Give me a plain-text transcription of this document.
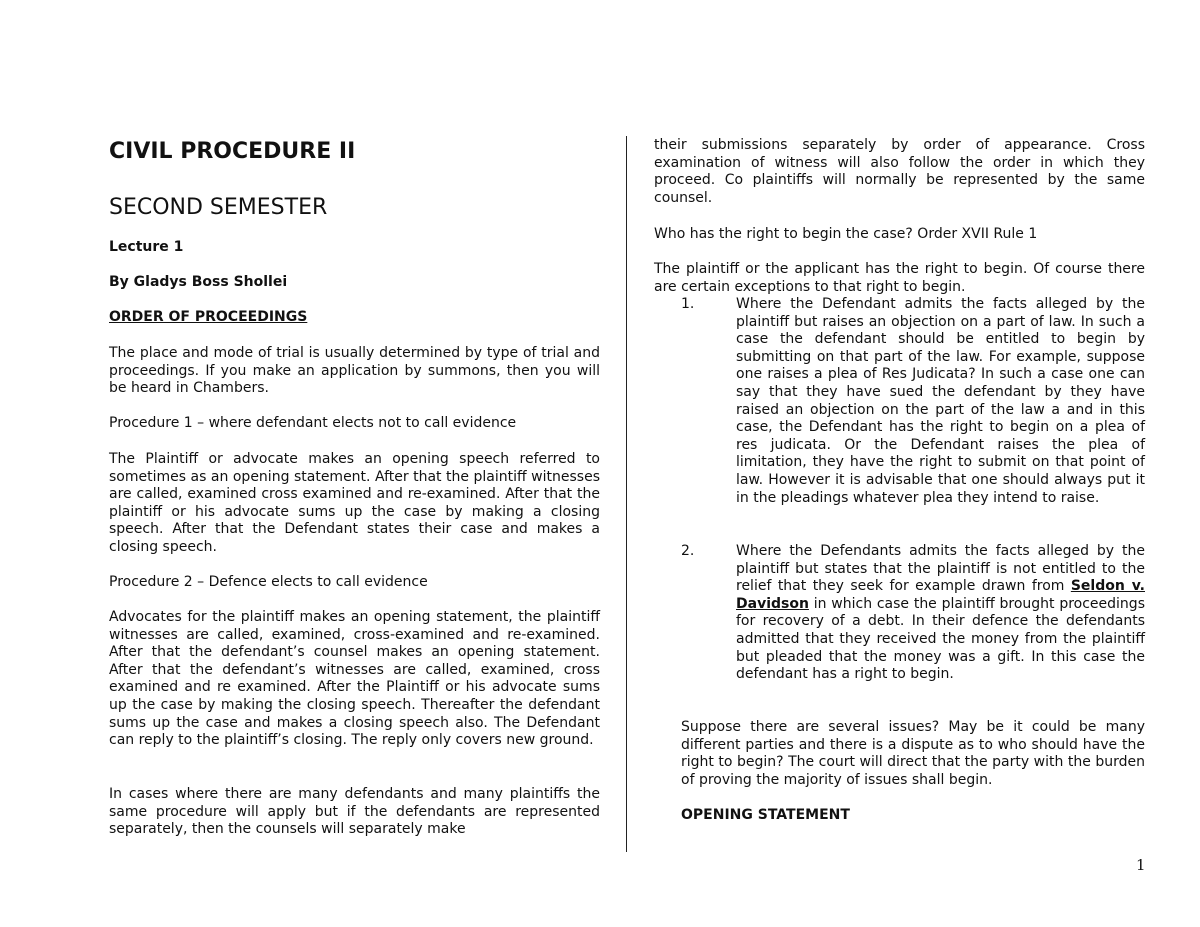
CIVIL PROCEDURE II
SECOND SEMESTER
Lecture 1
By Gladys Boss Shollei
ORDER OF PROCEEDINGS

The place and mode of trial is usually determined by type of trial and proceedings. If you make an application by summons, then you will be heard in Chambers.

Procedure 1 – where defendant elects not to call evidence

The Plaintiff or advocate makes an opening speech referred to sometimes as an opening statement. After that the plaintiff witnesses are called, examined cross examined and re-examined. After that the plaintiff or his advocate sums up the case by making a closing speech. After that the Defendant states their case and makes a closing speech.

Procedure 2 – Defence elects to call evidence

Advocates for the plaintiff makes an opening statement, the plaintiff witnesses are called, examined, cross-examined and re-examined. After that the defendant’s counsel makes an opening statement. After that the defendant’s witnesses are called, examined, cross examined and re examined. After the Plaintiff or his advocate sums up the case by making the closing speech. Thereafter the defendant sums up the case and makes a closing speech also. The Defendant can reply to the plaintiff’s closing. The reply only covers new ground.

In cases where there are many defendants and many plaintiffs the same procedure will apply but if the defendants are represented separately, then the counsels will separately make

their submissions separately by order of appearance. Cross examination of witness will also follow the order in which they proceed. Co plaintiffs will normally be represented by the same counsel.

Who has the right to begin the case? Order XVII Rule 1

The plaintiff or the applicant has the right to begin. Of course there are certain exceptions to that right to begin.

1.	Where the Defendant admits the facts alleged by the plaintiff but raises an objection on a part of law. In such a case the defendant should be entitled to begin by submitting on that part of the law. For example, suppose one raises a plea of Res Judicata? In such a case one can say that they have sued the defendant by they have raised an objection on the part of the law a and in this case, the Defendant has the right to begin on a plea of res judicata. Or the Defendant raises the plea of limitation, they have the right to submit on that point of law. However it is advisable that one should always put it in the pleadings whatever plea they intend to raise.
2.	Where the Defendants admits the facts alleged by the plaintiff but states that the plaintiff is not entitled to the relief that they seek for example drawn from Seldon v. Davidson in which case the plaintiff brought proceedings for recovery of a debt. In their defence the defendants admitted that they received the money from the plaintiff but pleaded that the money was a gift. In this case the defendant has a right to begin.

Suppose there are several issues? May be it could be many different parties and there is a dispute as to who should have the right to begin? The court will direct that the party with the burden of proving the majority of issues shall begin.

OPENING STATEMENT
1
